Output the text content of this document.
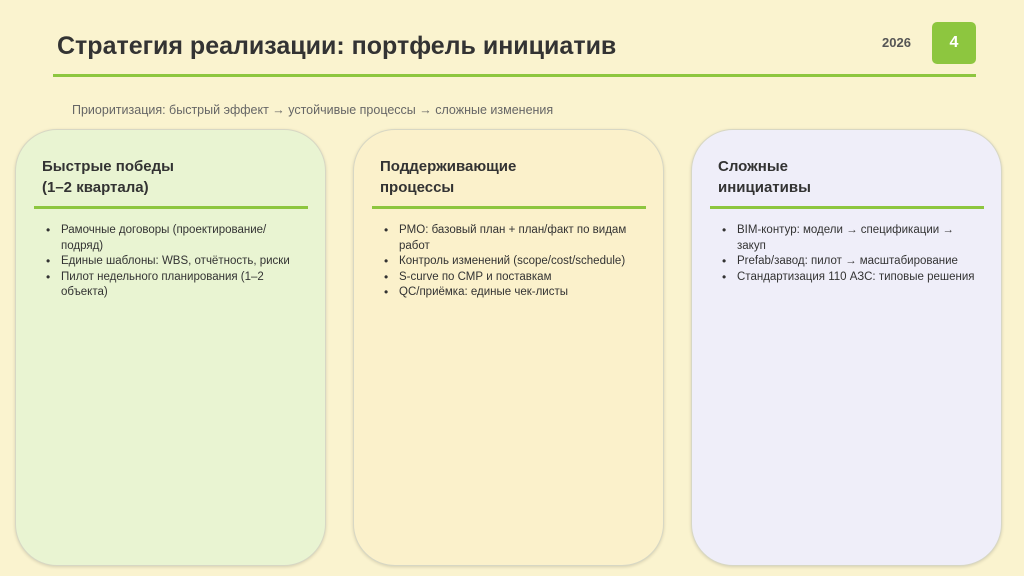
Стратегия реализации: портфель инициатив	2026	4
Приоритизация: быстрый эффект → устойчивые процессы → сложные изменения
Быстрые победы
(1–2 квартала)
• Рамочные договоры (проектирование/подряд)
• Единые шаблоны: WBS, отчётность, риски
• Пилот недельного планирования (1–2 объекта)
Поддерживающие
процессы
• PMO: базовый план + план/факт по видам работ
• Контроль изменений (scope/cost/schedule)
• S-curve по СМР и поставкам
• QC/приёмка: единые чек-листы
Сложные
инициативы
• BIM-контур: модели → спецификации → закуп
• Prefab/завод: пилот → масштабирование
• Стандартизация 110 АЗС: типовые решения
